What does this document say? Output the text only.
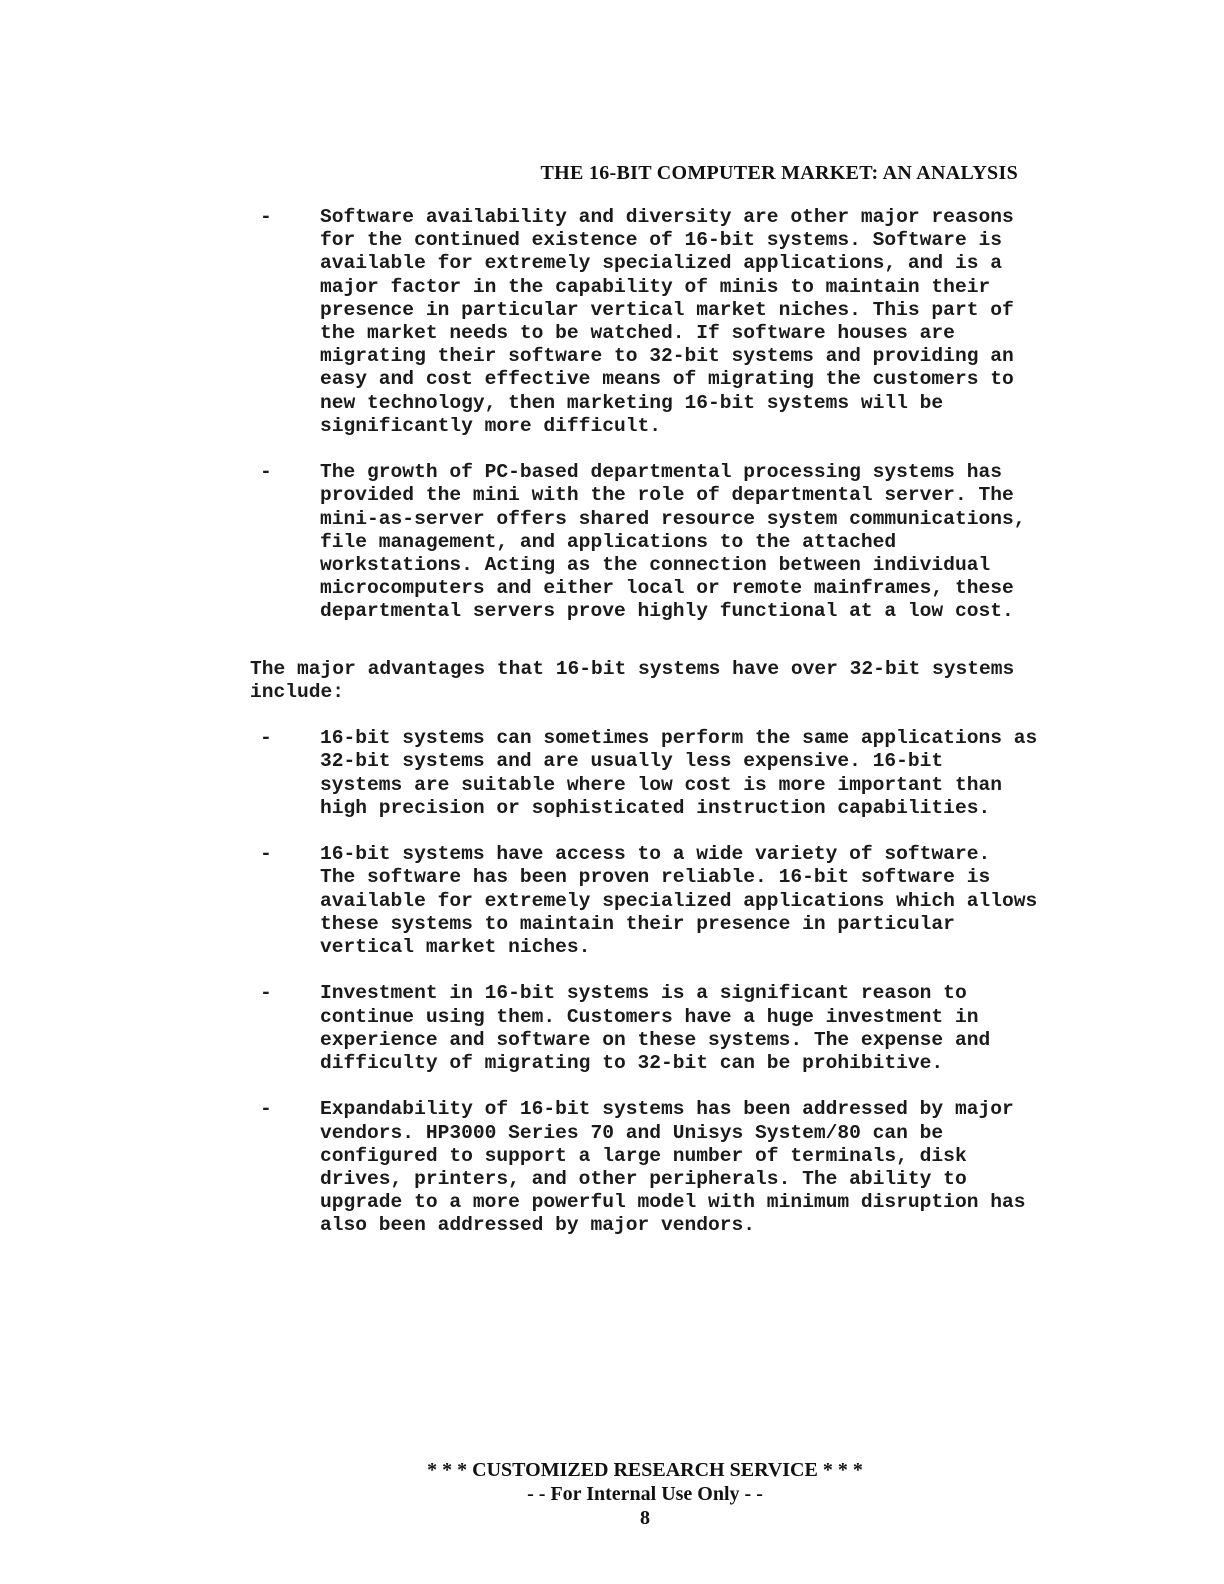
THE 16-BIT COMPUTER MARKET: AN ANALYSIS
-	Software availability and diversity are other major reasons
for the continued existence of 16-bit systems. Software is
available for extremely specialized applications, and is a
major factor in the capability of minis to maintain their
presence in particular vertical market niches. This part of
the market needs to be watched. If software houses are
migrating their software to 32-bit systems and providing an
easy and cost effective means of migrating the customers to
new technology, then marketing 16-bit systems will be
significantly more difficult.
-	The growth of PC-based departmental processing systems has
provided the mini with the role of departmental server. The
mini-as-server offers shared resource system communications,
file management, and applications to the attached
workstations. Acting as the connection between individual
microcomputers and either local or remote mainframes, these
departmental servers prove highly functional at a low cost.
The major advantages that 16-bit systems have over 32-bit systems
include:
-	16-bit systems can sometimes perform the same applications as
32-bit systems and are usually less expensive. 16-bit
systems are suitable where low cost is more important than
high precision or sophisticated instruction capabilities.
-	16-bit systems have access to a wide variety of software.
The software has been proven reliable. 16-bit software is
available for extremely specialized applications which allows
these systems to maintain their presence in particular
vertical market niches.
-	Investment in 16-bit systems is a significant reason to
continue using them. Customers have a huge investment in
experience and software on these systems. The expense and
difficulty of migrating to 32-bit can be prohibitive.
-	Expandability of 16-bit systems has been addressed by major
vendors. HP3000 Series 70 and Unisys System/80 can be
configured to support a large number of terminals, disk
drives, printers, and other peripherals. The ability to
upgrade to a more powerful model with minimum disruption has
also been addressed by major vendors.
* * * CUSTOMIZED RESEARCH SERVICE * * *
- - For Internal Use Only - -
8
